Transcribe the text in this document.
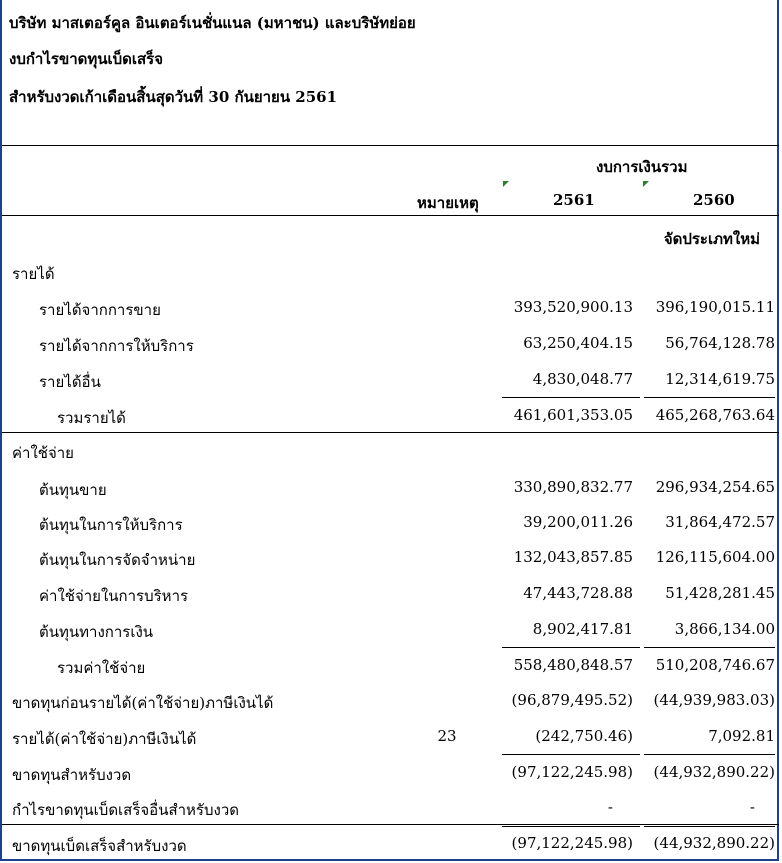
บริษัท มาสเตอร์คูล อินเตอร์เนชั่นแนล (มหาชน) และบริษัทย่อย
งบกำไรขาดทุนเบ็ดเสร็จ
สำหรับงวดเก้าเดือนสิ้นสุดวันที่ 30 กันยายน 2561
งบการเงินรวม
หมายเหตุ	2561	2560
จัดประเภทใหม่
รายได้
รายได้จากการขาย	393,520,900.13 396,190,015.11
รายได้จากการให้บริการ	63,250,404.15 56,764,128.78
รายได้อื่น	4,830,048.77 12,314,619.75
รวมรายได้	461,601,353.05 465,268,763.64
ค่าใช้จ่าย
ต้นทุนขาย	330,890,832.77 296,934,254.65
ต้นทุนในการให้บริการ	39,200,011.26 31,864,472.57
ต้นทุนในการจัดจำหน่าย	132,043,857.85 126,115,604.00
ค่าใช้จ่ายในการบริหาร	47,443,728.88 51,428,281.45
ต้นทุนทางการเงิน	8,902,417.81	3,866,134.00
รวมค่าใช้จ่าย	558,480,848.57 510,208,746.67
ขาดทุนก่อนรายได้(ค่าใช้จ่าย)ภาษีเงินได้	(96,879,495.52) (44,939,983.03)
รายได้(ค่าใช้จ่าย)ภาษีเงินได้	23	(242,750.46)	7,092.81
ขาดทุนสำหรับงวด	(97,122,245.98) (44,932,890.22)
กำไรขาดทุนเบ็ดเสร็จอื่นสำหรับงวด	-	-
ขาดทุนเบ็ดเสร็จสำหรับงวด	(97,122,245.98) (44,932,890.22)
